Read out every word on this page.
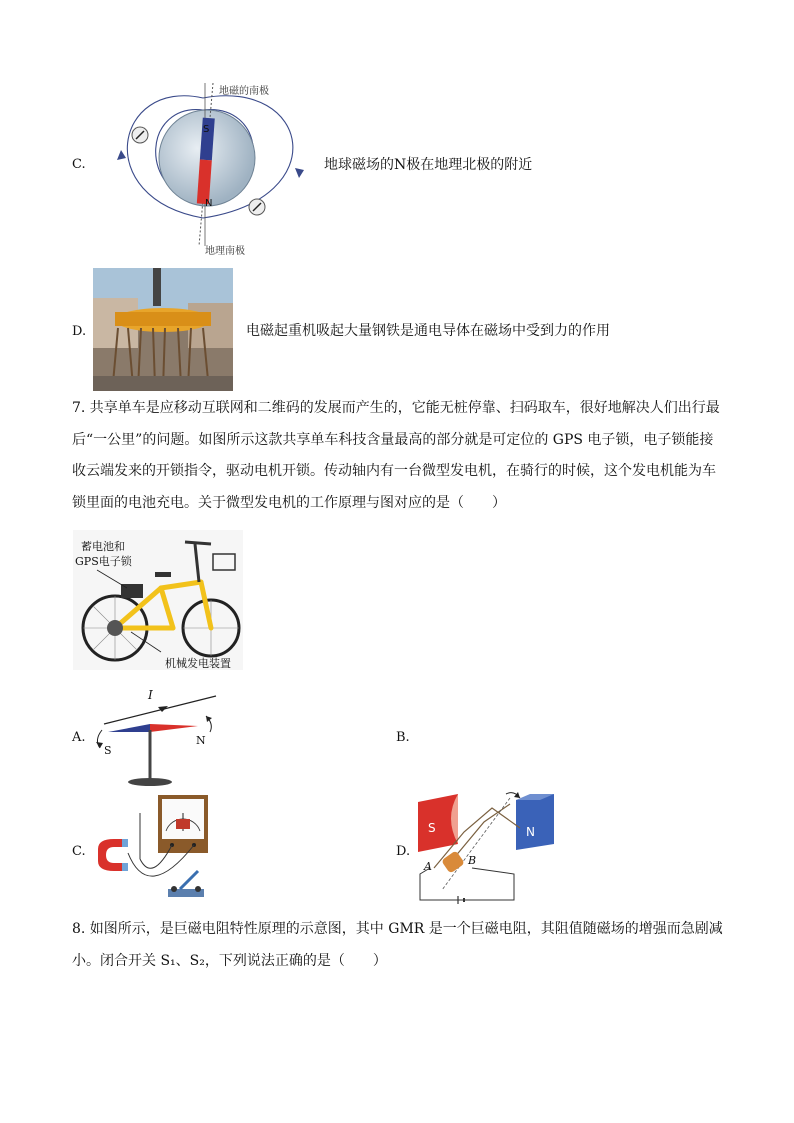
C.
S
N
地磁的南极
地理南极
地球磁场的N极在地理北极的附近
D.	电磁起重机吸起大量钢铁是通电导体在磁场中受到力的作用
7. 共享单车是应移动互联网和二维码的发展而产生的，它能无桩停靠、扫码取车，很好地解决人们出行最
后“一公里”的问题。如图所示这款共享单车科技含量最高的部分就是可定位的 GPS 电子锁，电子锁能接
收云端发来的开锁指令，驱动电机开锁。传动轴内有一台微型发电机，在骑行的时候，这个发电机能为车
锁里面的电池充电。关于微型发电机的工作原理与图对应的是（　　）
蓄电池和
GPS电子锁
机械发电装置
A.
I
S
N	B.
C.	D.
S	N
A	B
8. 如图所示，是巨磁电阻特性原理的示意图，其中 GMR 是一个巨磁电阻，其阻值随磁场的增强而急剧减
小。闭合开关 S₁、S₂，下列说法正确的是（　　）
